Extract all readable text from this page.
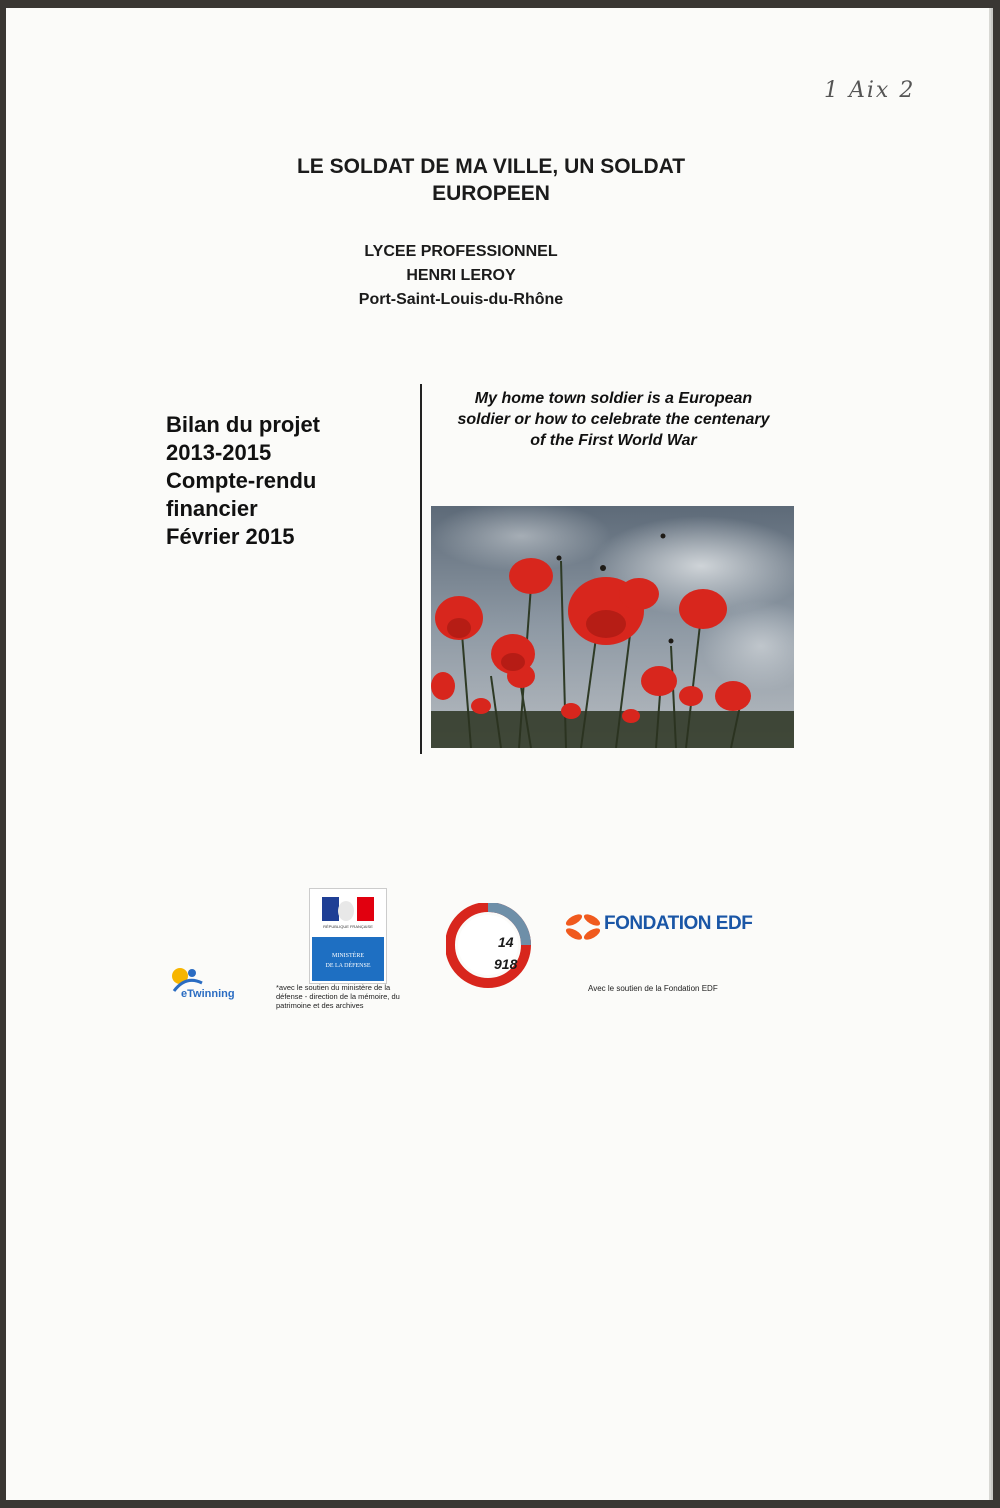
1 Aix 2
LE SOLDAT DE MA VILLE, UN SOLDAT
EUROPEEN
LYCEE PROFESSIONNEL
HENRI LEROY
Port-Saint-Louis-du-Rhône
Bilan du projet
2013-2015
Compte-rendu
financier
Février 2015
My home town soldier is a European
soldier or how to celebrate the centenary
of the First World War
eTwinning
RÉPUBLIQUE FRANÇAISE
MINISTÈRE
DE LA DÉFENSE
*avec le soutien du ministère de la défense - direction de la mémoire, du patrimoine et des archives
14
918
CENTENAIRE	FONDATION EDF
Avec le soutien de la Fondation EDF
